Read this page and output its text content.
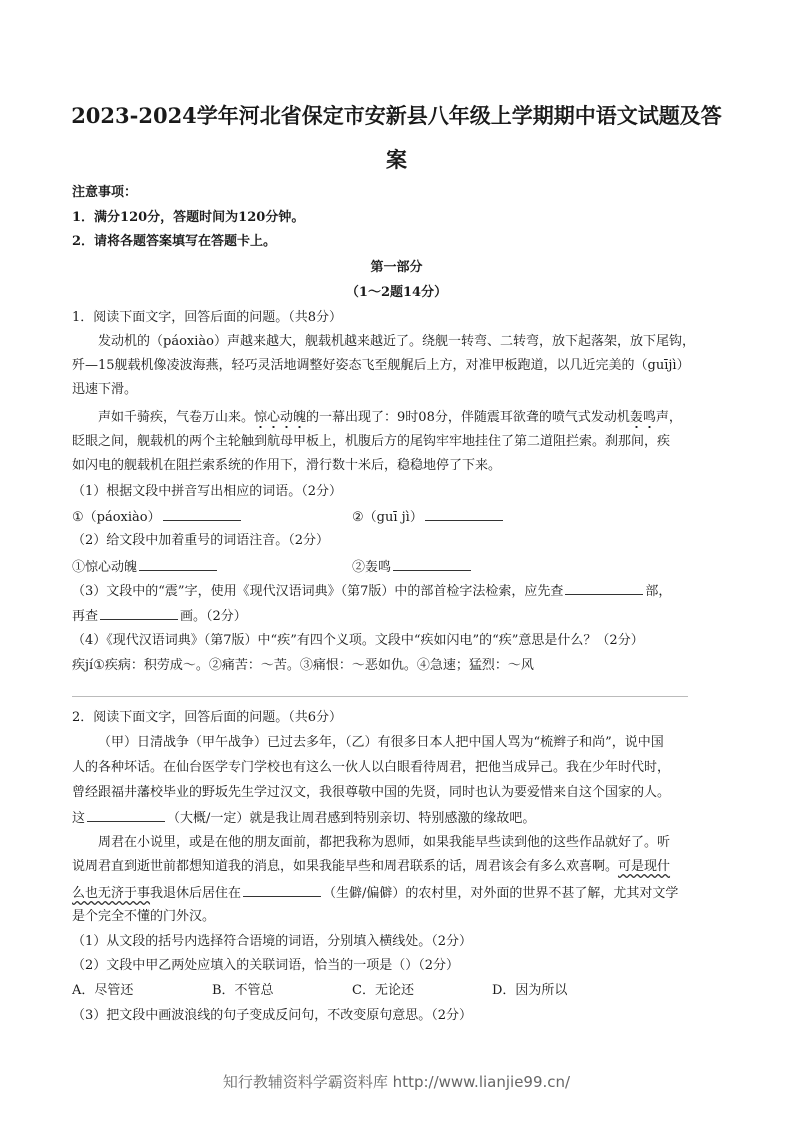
2023-2024学年河北省保定市安新县八年级上学期期中语文试题及答
案
注意事项：
1．满分120分，答题时间为120分钟。
2．请将各题答案填写在答题卡上。
第一部分
（1～2题14分）
1．阅读下面文字，回答后面的问题。（共8分）
发动机的（páoxiào）声越来越大，舰载机越来越近了。绕舰一转弯、二转弯，放下起落架，放下尾钩，
歼—15舰载机像凌波海燕，轻巧灵活地调整好姿态飞至舰艉后上方，对准甲板跑道，以几近完美的（guījì）
迅速下滑。
声如千骑疾，气卷万山来。惊心动魄的一幕出现了：9时08分，伴随震耳欲聋的喷气式发动机轰鸣声，
眨眼之间，舰载机的两个主轮触到航母甲板上，机腹后方的尾钩牢牢地挂住了第二道阻拦索。刹那间，疾
如闪电的舰载机在阻拦索系统的作用下，滑行数十米后，稳稳地停了下来。
（1）根据文段中拼音写出相应的词语。（2分）
①（páoxiào）	②（guī jì）
（2）给文段中加着重号的词语注音。（2分）
①惊心动魄	②轰鸣
（3）文段中的“震”字，使用《现代汉语词典》（第7版）中的部首检字法检索，应先查	部，
再查	画。（2分）
（4）《现代汉语词典》（第7版）中“疾”有四个义项。文段中“疾如闪电”的“疾”意思是什么？（2分）
疾jí①疾病：积劳成～。②痛苦：～苦。③痛恨：～恶如仇。④急速；猛烈：～风
2．阅读下面文字，回答后面的问题。（共6分）
（甲）日清战争（甲午战争）已过去多年，（乙）有很多日本人把中国人骂为“梳辫子和尚”，说中国
人的各种坏话。在仙台医学专门学校也有这么一伙人以白眼看待周君，把他当成异己。我在少年时代时，
曾经跟福井藩校毕业的野坂先生学过汉文，我很尊敬中国的先贤，同时也认为要爱惜来自这个国家的人。
这	（大概/一定）就是我让周君感到特别亲切、特别感激的缘故吧。
周君在小说里，或是在他的朋友面前，都把我称为恩师，如果我能早些读到他的这些作品就好了。听
说周君直到逝世前都想知道我的消息，如果我能早些和周君联系的话，周君该会有多么欢喜啊。可是现什
么也无济于事我退休后居住在	（生僻/偏僻）的农村里，对外面的世界不甚了解，尤其对文学
是个完全不懂的门外汉。
（1）从文段的括号内选择符合语境的词语，分别填入横线处。（2分）
（2）文段中甲乙两处应填入的关联词语，恰当的一项是（）（2分）
A．尽管还	B．不管总	C．无论还	D．因为所以
（3）把文段中画波浪线的句子变成反问句，不改变原句意思。（2分）
知行教辅资料学霸资料库 http://www.lianjie99.cn/
